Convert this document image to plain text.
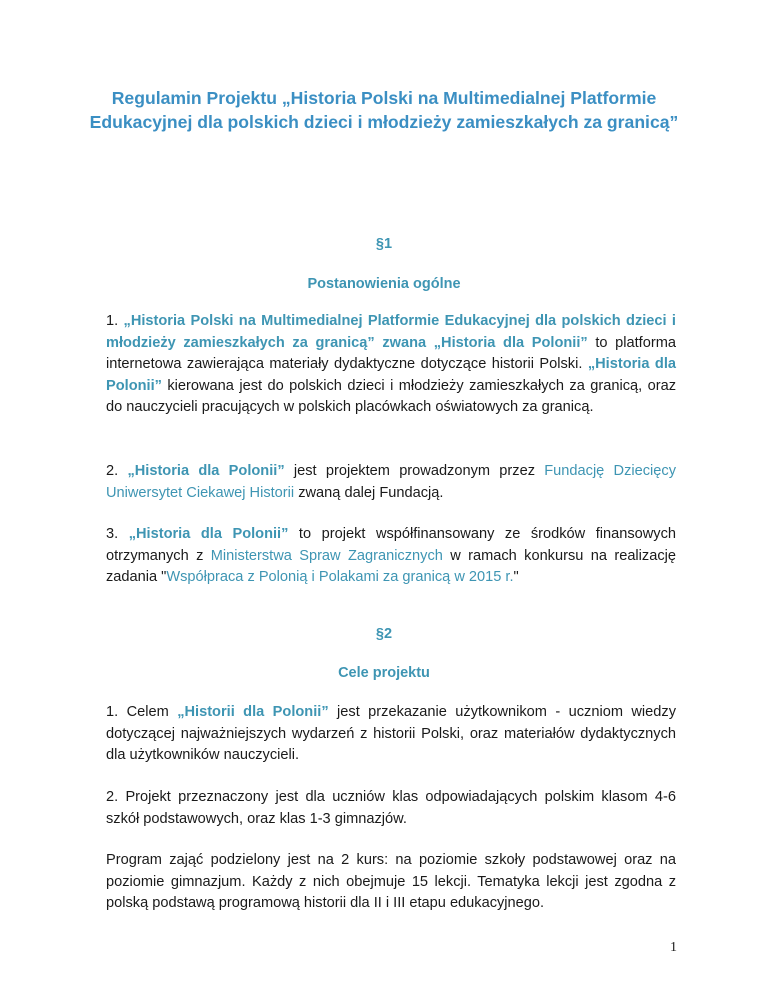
Regulamin Projektu „Historia Polski na Multimedialnej Platformie Edukacyjnej dla polskich dzieci i młodzieży zamieszkałych za granicą”
§1
Postanowienia ogólne
1. „Historia Polski na Multimedialnej Platformie Edukacyjnej dla polskich dzieci i młodzieży zamieszkałych za granicą” zwana „Historia dla Polonii” to platforma internetowa zawierająca materiały dydaktyczne dotyczące historii Polski. „Historia dla Polonii” kierowana jest do polskich dzieci i młodzieży zamieszkałych za granicą, oraz do nauczycieli pracujących w polskich placówkach oświatowych za granicą.
2. „Historia dla Polonii” jest projektem prowadzonym przez Fundację Dziecięcy Uniwersytet Ciekawej Historii zwaną dalej Fundacją.
3. „Historia dla Polonii” to projekt współfinansowany ze środków finansowych otrzymanych z Ministerstwa Spraw Zagranicznych w ramach konkursu na realizację zadania "Współpraca z Polonią i Polakami za granicą w 2015 r."
§2
Cele projektu
1. Celem „Historii dla Polonii” jest przekazanie użytkownikom - uczniom wiedzy dotyczącej najważniejszych wydarzeń z historii Polski, oraz materiałów dydaktycznych dla użytkowników nauczycieli.
2. Projekt przeznaczony jest dla uczniów klas odpowiadających polskim klasom 4-6 szkół podstawowych, oraz klas 1-3 gimnazjów.
Program zająć podzielony jest na 2 kurs: na poziomie szkoły podstawowej oraz na poziomie gimnazjum. Każdy z nich obejmuje 15 lekcji. Tematyka lekcji jest zgodna z polską podstawą programową historii dla II i III etapu edukacyjnego.
1
